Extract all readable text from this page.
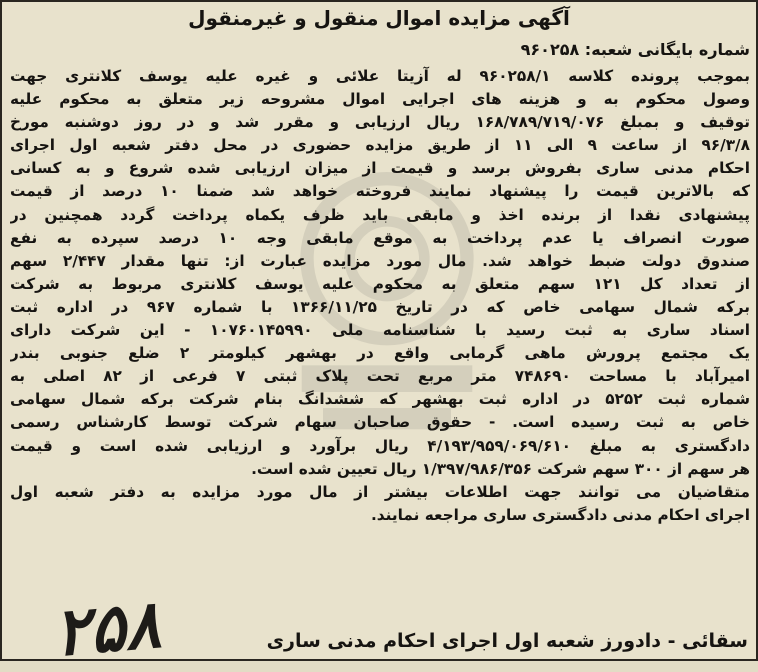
آگهی مزایده اموال منقول و غیرمنقول
شماره بایگانی شعبه: ۹۶۰۲۵۸
بموجب پرونده کلاسه ۹۶۰۲۵۸/۱ له آزیتا علائی و غیره علیه یوسف کلانتری جهت
وصول محکوم به و هزینه های اجرایی اموال مشروحه زیر متعلق به محکوم علیه
توقیف و بمبلغ ۱۶۸/۷۸۹/۷۱۹/۰۷۶ ریال ارزیابی و مقرر شد و در روز دوشنبه مورخ
۹۶/۳/۸ از ساعت ۹ الی ۱۱ از طریق مزایده حضوری در محل دفتر شعبه اول اجرای
احکام مدنی ساری بفروش برسد و قیمت از میزان ارزیابی شده شروع و به کسانی
که بالاترین قیمت را پیشنهاد نمایند فروخته خواهد شد ضمنا ۱۰ درصد از قیمت
پیشنهادی نقدا از برنده اخذ و مابقی باید ظرف یکماه پرداخت گردد همچنین در
صورت انصراف یا عدم پرداخت به موقع مابقی وجه ۱۰ درصد سپرده به نفع
صندوق دولت ضبط خواهد شد. مال مورد مزایده عبارت از: تنها مقدار ۲/۴۴۷ سهم
از تعداد کل ۱۲۱ سهم متعلق به محکوم علیه یوسف کلانتری مربوط به شرکت
برکه شمال سهامی خاص که در تاریخ ۱۳۶۶/۱۱/۲۵ با شماره ۹۶۷ در اداره ثبت
اسناد ساری به ثبت رسید با شناسنامه ملی ۱۰۷۶۰۱۴۵۹۹۰ - این شرکت دارای
یک مجتمع پرورش ماهی گرمابی واقع در بهشهر کیلومتر ۲ ضلع جنوبی بندر
امیرآباد با مساحت ۷۴۸۶۹۰ متر مربع تحت پلاک ثبتی ۷ فرعی از ۸۲ اصلی به
شماره ثبت ۵۲۵۲ در اداره ثبت بهشهر که ششدانگ بنام شرکت برکه شمال سهامی
خاص به ثبت رسیده است. - حقوق صاحبان سهام شرکت توسط کارشناس رسمی
دادگستری به مبلغ ۴/۱۹۳/۹۵۹/۰۶۹/۶۱۰ ریال برآورد و ارزیابی شده است و قیمت
هر سهم از ۳۰۰ سهم شرکت ۱/۳۹۷/۹۸۶/۳۵۶ ریال تعیین شده است.
متقاضیان می توانند جهت اطلاعات بیشتر از مال مورد مزایده به دفتر شعبه اول
اجرای احکام مدنی دادگستری ساری مراجعه نمایند.
۲۵۸	سقائی - دادورز شعبه اول اجرای احکام مدنی ساری
